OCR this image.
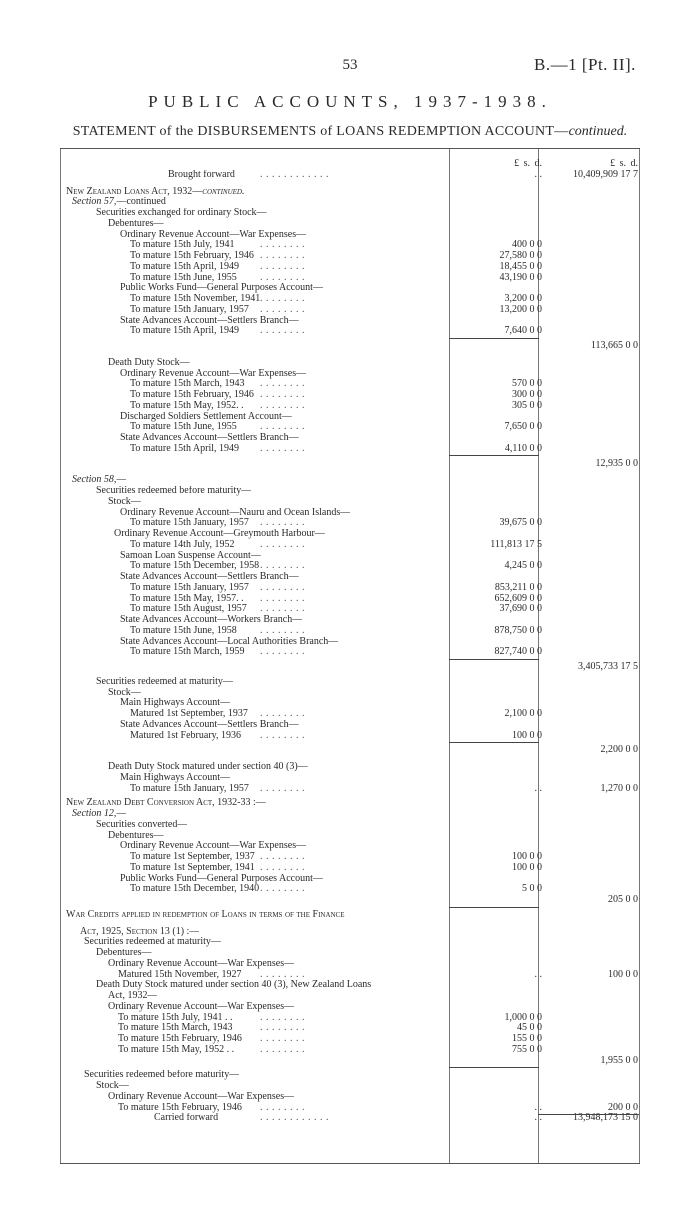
53	B.—1 [Pt. II].
PUBLIC ACCOUNTS, 1937-1938.
STATEMENT of the DISBURSEMENTS of LOANS REDEMPTION ACCOUNT—continued.
£ s. d.	£ s. d.
Brought forward	. . . . . . . . . . . .	. .	10,409,909 17 7
New Zealand Loans Act, 1932—continued.
Section 57,—continued
Securities exchanged for ordinary Stock—
Debentures—
Ordinary Revenue Account—War Expenses—
To mature 15th July, 1941	. . . . . . . .	400 0 0
To mature 15th February, 1946 . . . . . . . .	27,580 0 0
To mature 15th April, 1949 . . . . . . . .	18,455 0 0
To mature 15th June, 1955 . . . . . . . .	43,190 0 0
Public Works Fund—General Purposes Account—
To mature 15th November, 1941 . . . . . . . .	3,200 0 0
To mature 15th January, 1957 . . . . . . . .	13,200 0 0
State Advances Account—Settlers Branch—
To mature 15th April, 1949 . . . . . . . .	7,640 0 0
113,665 0 0
Death Duty Stock—
Ordinary Revenue Account—War Expenses—
To mature 15th March, 1943 . . . . . . . .	570 0 0
To mature 15th February, 1946 . . . . . . . .	300 0 0
To mature 15th May, 1952. . . . . . . . . .	305 0 0
Discharged Soldiers Settlement Account—
To mature 15th June, 1955 . . . . . . . .	7,650 0 0
State Advances Account—Settlers Branch—
To mature 15th April, 1949 . . . . . . . .	4,110 0 0
12,935 0 0
Section 58,—
Securities redeemed before maturity—
Stock—
Ordinary Revenue Account—Nauru and Ocean Islands—
To mature 15th January, 1957 . . . . . . . .	39,675 0 0
Ordinary Revenue Account—Greymouth Harbour—
To mature 14th July, 1952	. . . . . . . .	111,813 17 5
Samoan Loan Suspense Account—
To mature 15th December, 1958 . . . . . . . .	4,245 0 0
State Advances Account—Settlers Branch—
To mature 15th January, 1957 . . . . . . . .	853,211 0 0
To mature 15th May, 1957. . . . . . . . . .	652,609 0 0
To mature 15th August, 1957 . . . . . . . .	37,690 0 0
State Advances Account—Workers Branch—
To mature 15th June, 1958 . . . . . . . .	878,750 0 0
State Advances Account—Local Authorities Branch—
To mature 15th March, 1959 . . . . . . . .	827,740 0 0
3,405,733 17 5
Securities redeemed at maturity—
Stock—
Main Highways Account—
Matured 1st September, 1937 . . . . . . . .	2,100 0 0
State Advances Account—Settlers Branch—
Matured 1st February, 1936 . . . . . . . .	100 0 0
2,200 0 0
Death Duty Stock matured under section 40 (3)—
Main Highways Account—
To mature 15th January, 1957 . . . . . . . .	. .	1,270 0 0
New Zealand Debt Conversion Act, 1932-33 :—
Section 12,—
Securities converted—
Debentures—
Ordinary Revenue Account—War Expenses—
To mature 1st September, 1937 . . . . . . . .	100 0 0
To mature 1st September, 1941 . . . . . . . .	100 0 0
Public Works Fund—General Purposes Account—
To mature 15th December, 1940 . . . . . . . .	5 0 0
205 0 0
War Credits applied in redemption of Loans in terms of the Finance
Act, 1925, Section 13 (1) :—
Securities redeemed at maturity—
Debentures—
Ordinary Revenue Account—War Expenses—
Matured 15th November, 1927 . . . . . . . .	. .	100 0 0
Death Duty Stock matured under section 40 (3), New Zealand Loans
Act, 1932—
Ordinary Revenue Account—War Expenses—
To mature 15th July, 1941 . .	. . . . . . . .	1,000 0 0
To mature 15th March, 1943	. . . . . . . .	45 0 0
To mature 15th February, 1946 . . . . . . . .	155 0 0
To mature 15th May, 1952 . .	. . . . . . . .	755 0 0
1,955 0 0
Securities redeemed before maturity—
Stock—
Ordinary Revenue Account—War Expenses—
To mature 15th February, 1946 . . . . . . . .	. .	200 0 0
Carried forward	. . . . . . . . . . . .	. .	13,948,173 15 0
